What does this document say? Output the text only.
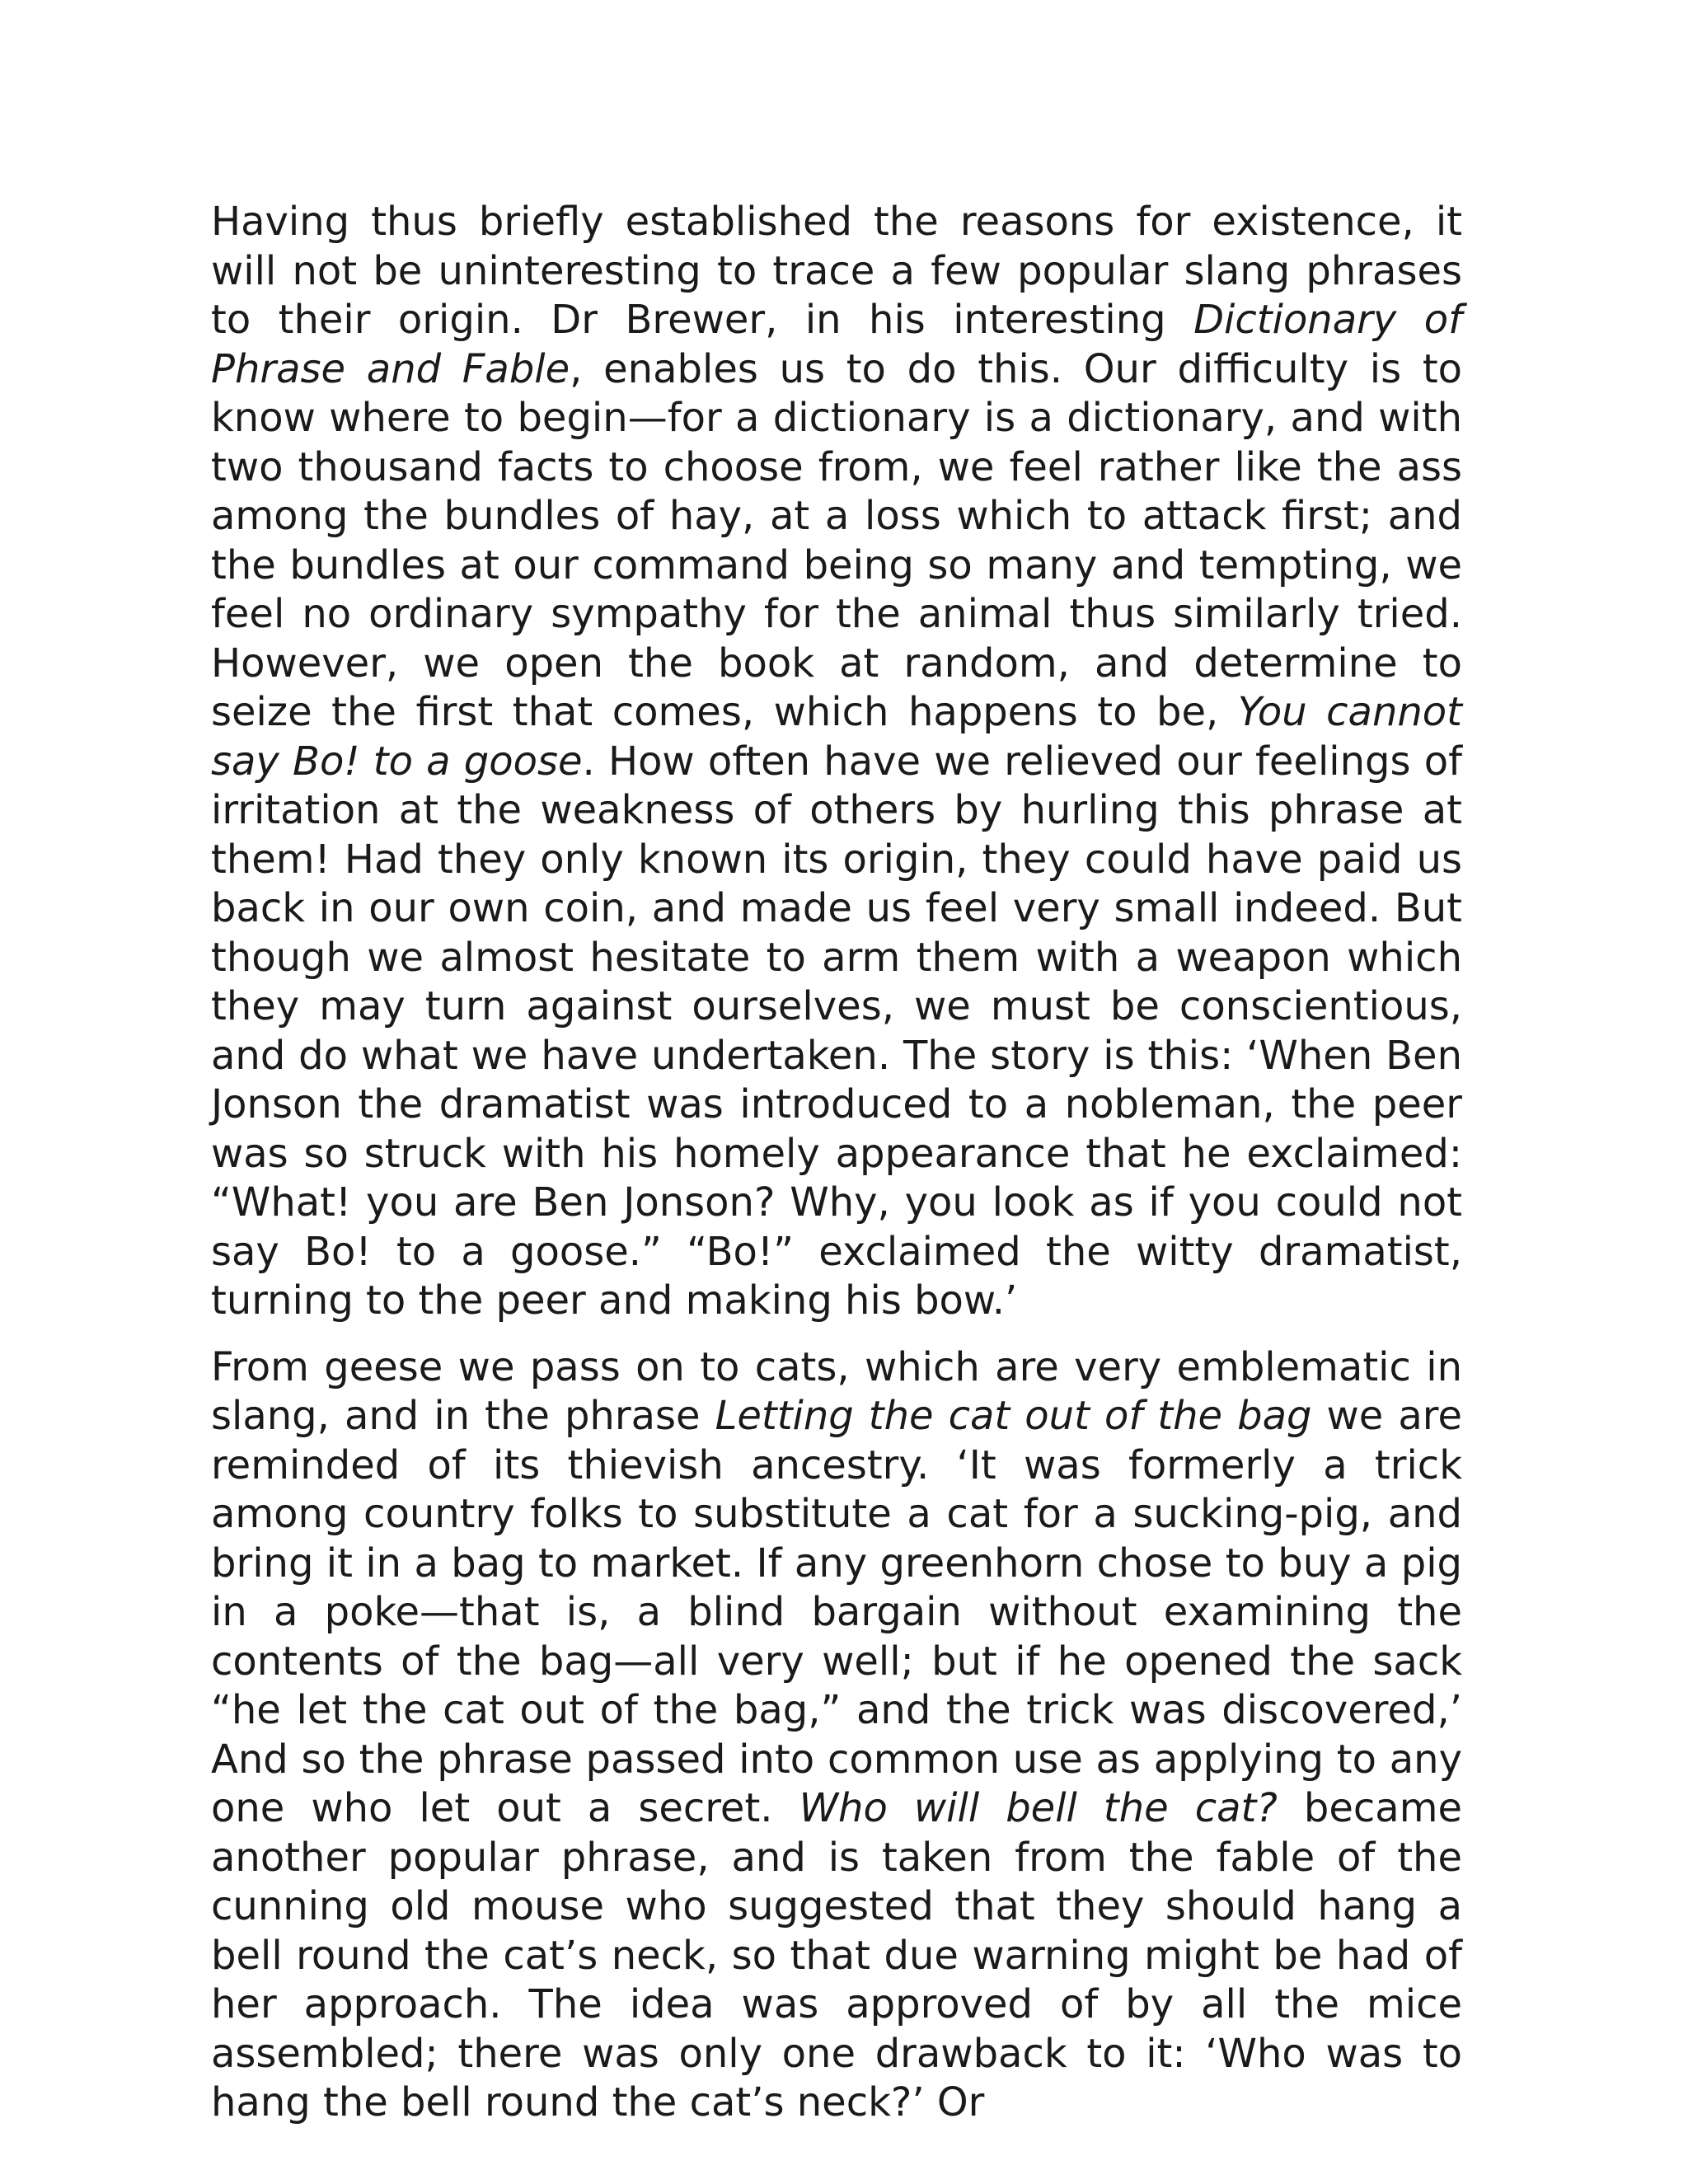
Having thus briefly established the reasons for existence, it will not be uninteresting to trace a few popular slang phrases to their origin. Dr Brewer, in his interesting Dictionary of Phrase and Fable, enables us to do this. Our difficulty is to know where to begin—for a dictionary is a dictionary, and with two thousand facts to choose from, we feel rather like the ass among the bundles of hay, at a loss which to attack first; and the bundles at our command being so many and tempting, we feel no ordinary sympathy for the animal thus similarly tried. However, we open the book at random, and determine to seize the first that comes, which happens to be, You cannot say Bo! to a goose. How often have we relieved our feelings of irritation at the weakness of others by hurling this phrase at them! Had they only known its origin, they could have paid us back in our own coin, and made us feel very small indeed. But though we almost hesitate to arm them with a weapon which they may turn against ourselves, we must be conscientious, and do what we have undertaken. The story is this: ‘When Ben Jonson the dramatist was introduced to a nobleman, the peer was so struck with his homely appearance that he exclaimed: “What! you are Ben Jonson? Why, you look as if you could not say Bo! to a goose.” “Bo!” exclaimed the witty dramatist, turning to the peer and making his bow.’

From geese we pass on to cats, which are very emblematic in slang, and in the phrase Letting the cat out of the bag we are reminded of its thievish ancestry. ‘It was formerly a trick among country folks to substitute a cat for a sucking-pig, and bring it in a bag to market. If any greenhorn chose to buy a pig in a poke—that is, a blind bargain without examining the contents of the bag—all very well; but if he opened the sack “he let the cat out of the bag,” and the trick was discovered,’ And so the phrase passed into common use as applying to any one who let out a secret. Who will bell the cat? became another popular phrase, and is taken from the fable of the cunning old mouse who suggested that they should hang a bell round the cat’s neck, so that due warning might be had of her approach. The idea was approved of by all the mice assembled; there was only one drawback to it: ‘Who was to hang the bell round the cat’s neck?’ Or
